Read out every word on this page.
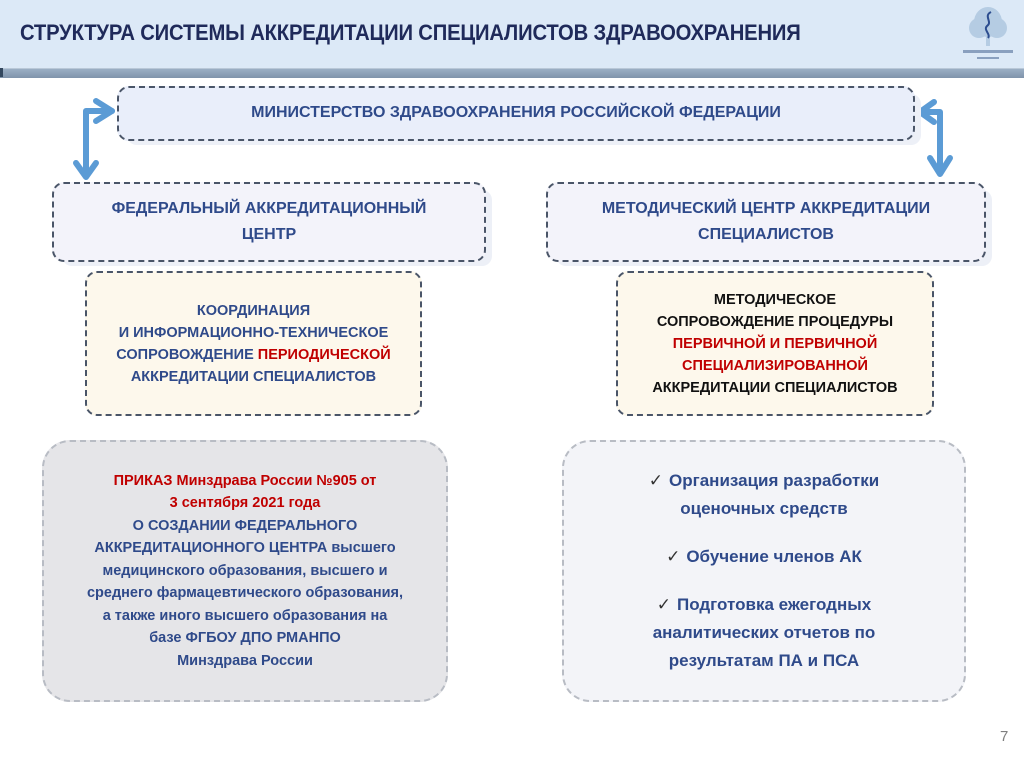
СТРУКТУРА СИСТЕМЫ АККРЕДИТАЦИИ СПЕЦИАЛИСТОВ ЗДРАВООХРАНЕНИЯ
МИНИСТЕРСТВО ЗДРАВООХРАНЕНИЯ РОССИЙСКОЙ ФЕДЕРАЦИИ
ФЕДЕРАЛЬНЫЙ АККРЕДИТАЦИОННЫЙ
ЦЕНТР
МЕТОДИЧЕСКИЙ ЦЕНТР АККРЕДИТАЦИИ
СПЕЦИАЛИСТОВ
КООРДИНАЦИЯ
И ИНФОРМАЦИОННО-ТЕХНИЧЕСКОЕ
СОПРОВОЖДЕНИЕ ПЕРИОДИЧЕСКОЙ
АККРЕДИТАЦИИ СПЕЦИАЛИСТОВ
МЕТОДИЧЕСКОЕ
СОПРОВОЖДЕНИЕ ПРОЦЕДУРЫ
ПЕРВИЧНОЙ И ПЕРВИЧНОЙ
СПЕЦИАЛИЗИРОВАННОЙ
АККРЕДИТАЦИИ СПЕЦИАЛИСТОВ
ПРИКАЗ Минздрава России №905 от
3 сентября 2021 года
О СОЗДАНИИ ФЕДЕРАЛЬНОГО
АККРЕДИТАЦИОННОГО ЦЕНТРА высшего
медицинского образования, высшего и
среднего фармацевтического образования,
а также иного высшего образования на
базе ФГБОУ ДПО РМАНПО
Минздрава России
✓ Организация разработки
оценочных средств
✓ Обучение членов АК
✓ Подготовка ежегодных
аналитических отчетов по
результатам ПА и ПСА
7
